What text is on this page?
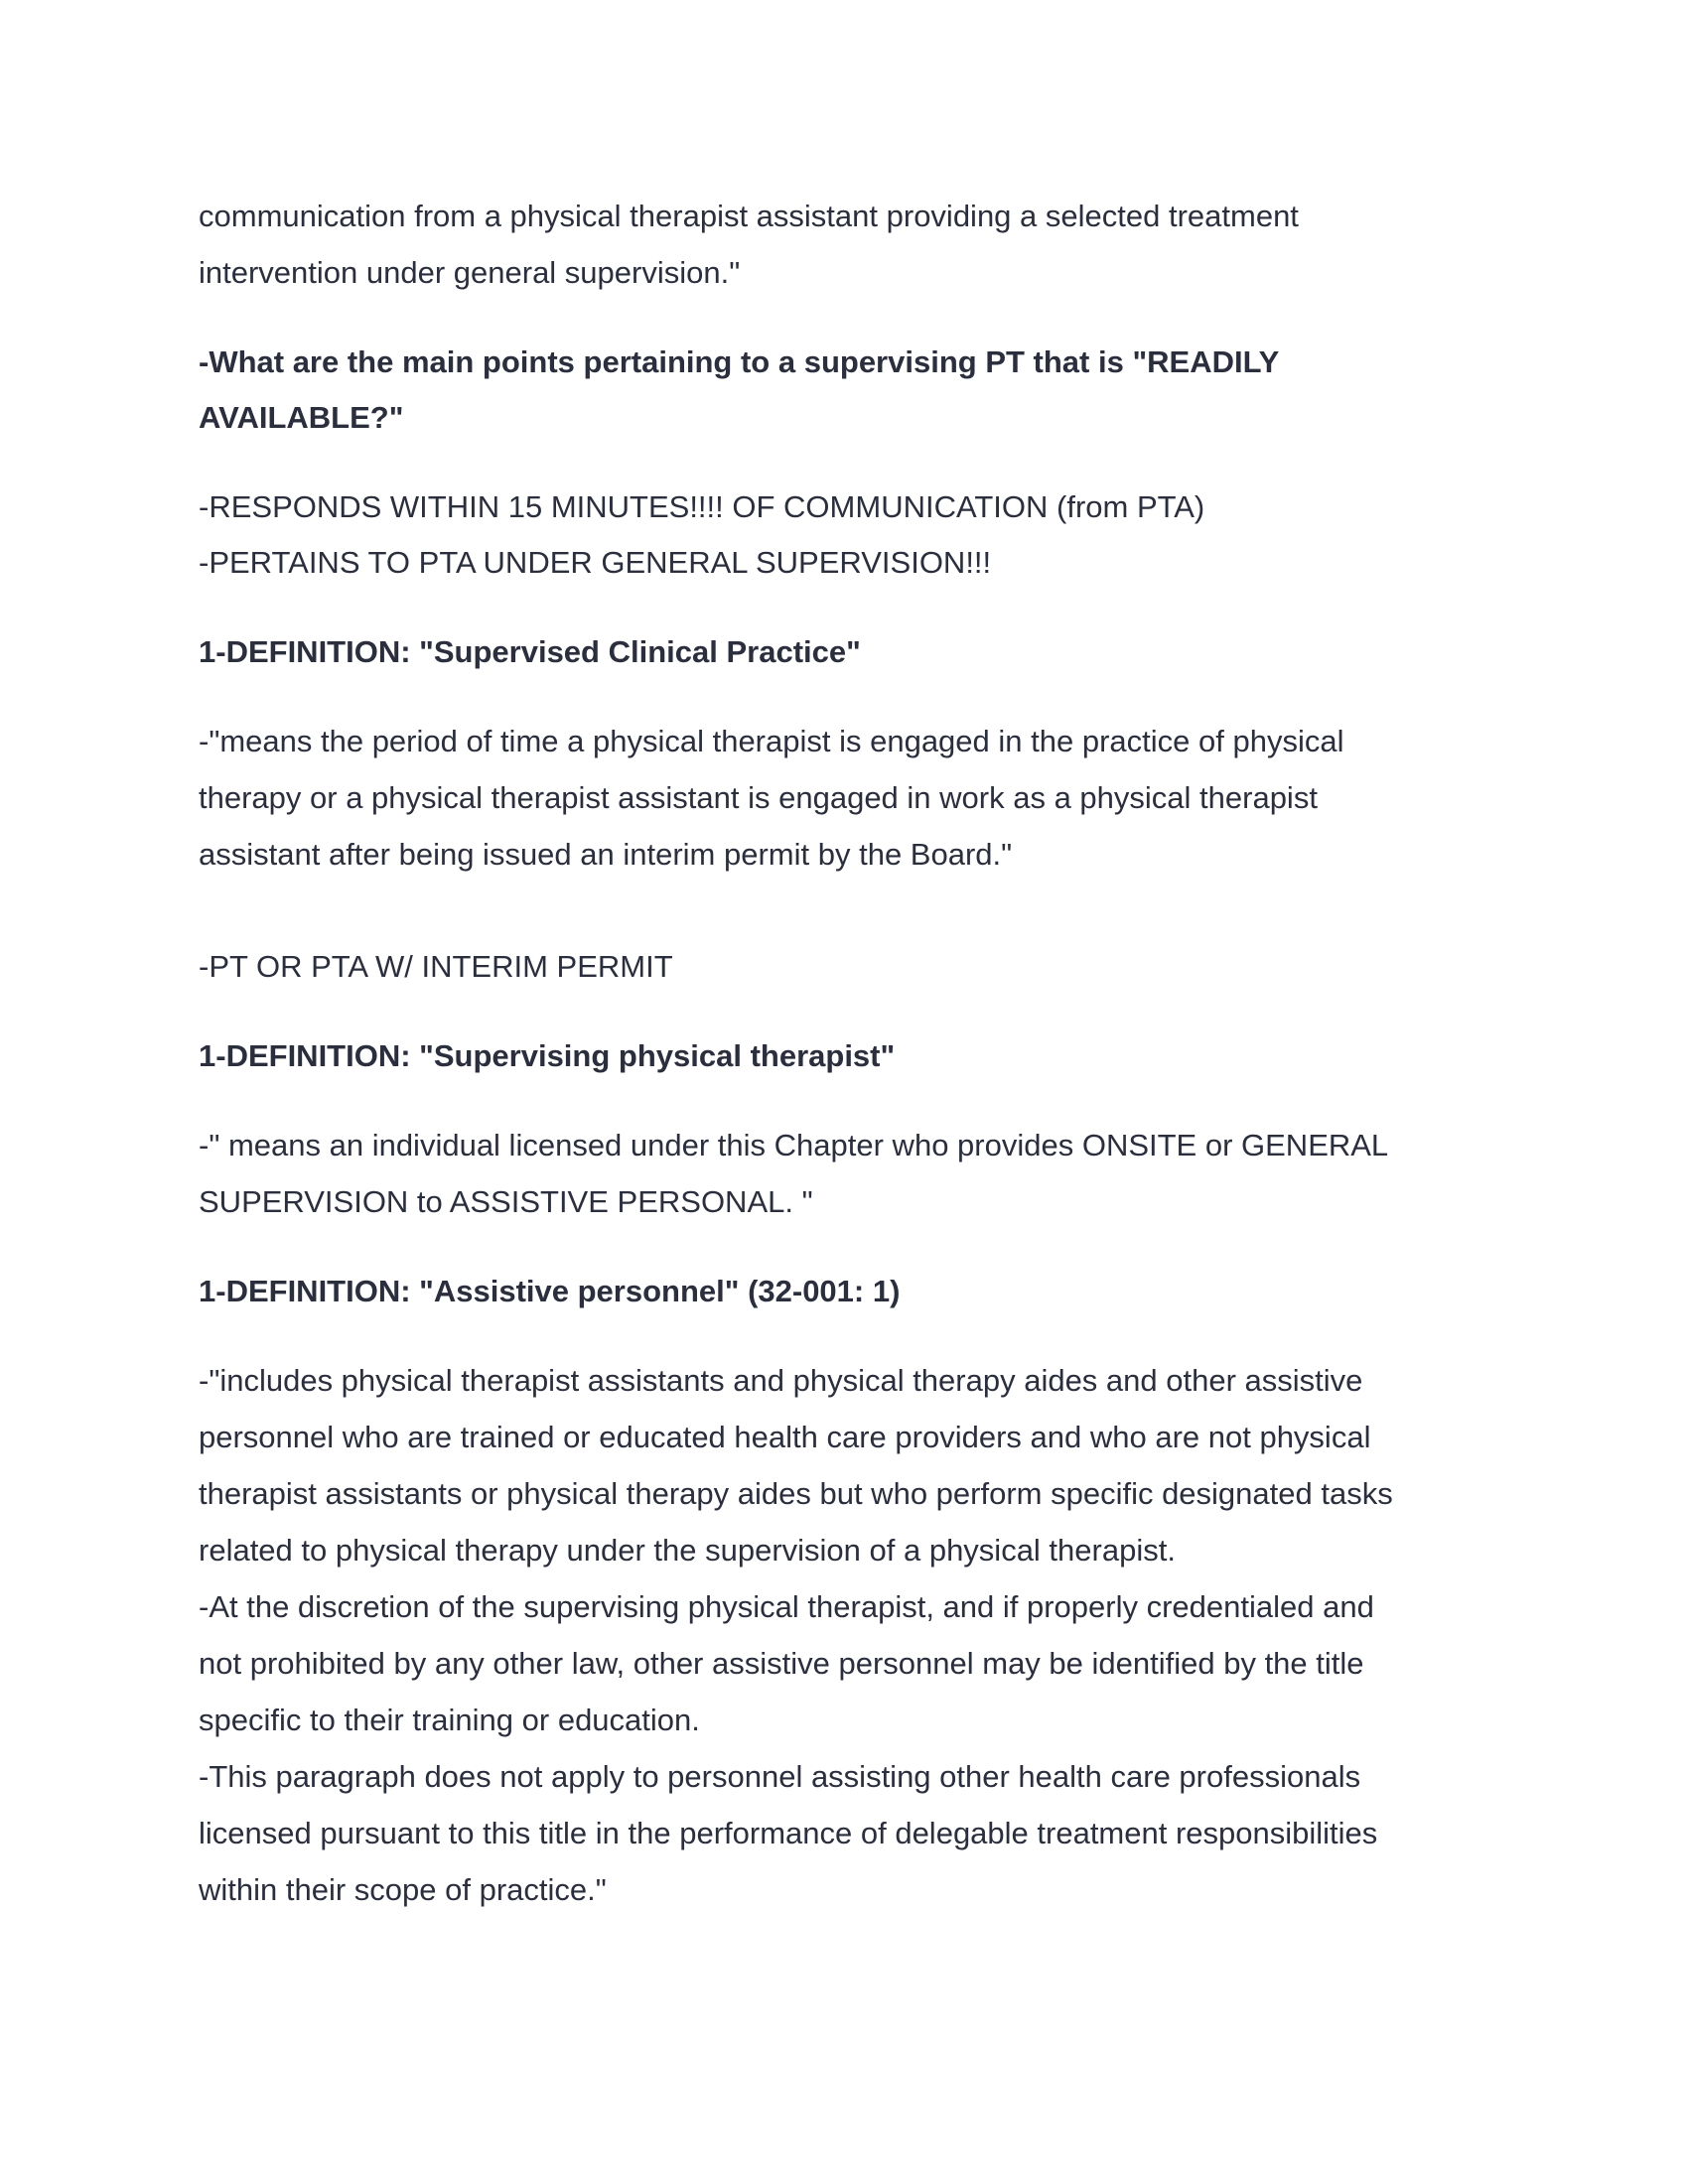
communication from a physical therapist assistant providing a selected treatment
intervention under general supervision."
-What are the main points pertaining to a supervising PT that is "READILY
AVAILABLE?"
-RESPONDS WITHIN 15 MINUTES!!!! OF COMMUNICATION (from PTA)
-PERTAINS TO PTA UNDER GENERAL SUPERVISION!!!
1-DEFINITION: "Supervised Clinical Practice"
-"means the period of time a physical therapist is engaged in the practice of physical
therapy or a physical therapist assistant is engaged in work as a physical therapist
assistant after being issued an interim permit by the Board."
-PT OR PTA W/ INTERIM PERMIT
1-DEFINITION: "Supervising physical therapist"
-" means an individual licensed under this Chapter who provides ONSITE or GENERAL
SUPERVISION to ASSISTIVE PERSONAL. "
1-DEFINITION: "Assistive personnel" (32-001: 1)
-"includes physical therapist assistants and physical therapy aides and other assistive
personnel who are trained or educated health care providers and who are not physical
therapist assistants or physical therapy aides but who perform specific designated tasks
related to physical therapy under the supervision of a physical therapist.
-At the discretion of the supervising physical therapist, and if properly credentialed and
not prohibited by any other law, other assistive personnel may be identified by the title
specific to their training or education.
-This paragraph does not apply to personnel assisting other health care professionals
licensed pursuant to this title in the performance of delegable treatment responsibilities
within their scope of practice."
